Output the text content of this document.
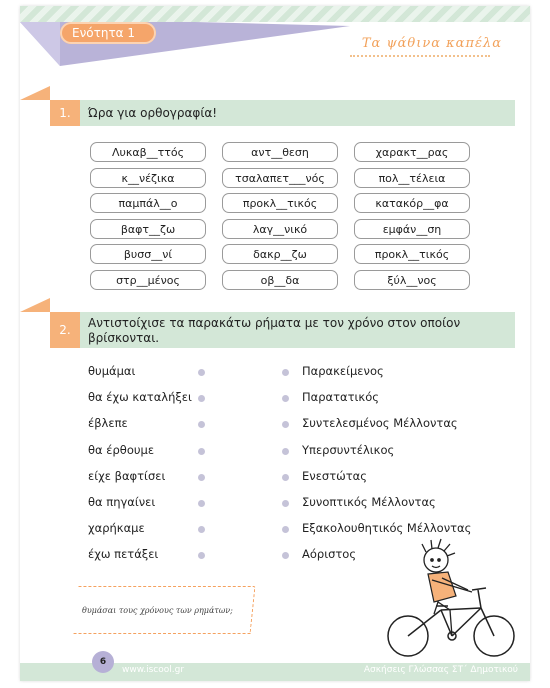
Ενότητα 1
Τα ψάθινα καπέλα
1.	Ώρα για ορθογραφία!
Λυκαβ__ττός	αντ__θεση	χαρακτ__ρας
κ__νέζικα	τσαλαπετ___νός	πολ__τέλεια
παμπάλ__ο	προκλ__τικός	κατακόρ__φα
βαφτ__ζω	λαγ__νικό	εμφάν__ση
βυσσ__νί	δακρ__ζω	προκλ__τικός
στρ__μένος	οβ__δα	ξύλ__νος
2.	Αντιστοίχισε τα παρακάτω ρήματα με τον χρόνο στον οποίον βρίσκονται.
θυμάμαι	Παρακείμενος
θα έχω καταλήξει	Παρατατικός
έβλεπε	Συντελεσμένος Μέλλοντας
θα έρθουμε	Υπερσυντέλικος
είχε βαφτίσει	Ενεστώτας
θα πηγαίνει	Συνοπτικός Μέλλοντας
χαρήκαμε	Εξακολουθητικός Μέλλοντας
έχω πετάξει	Αόριστος
θυμάσαι τους χρόνους των ρημάτων;
6
www.iscool.gr	Ασκήσεις Γλώσσας ΣΤ΄ Δημοτικού
